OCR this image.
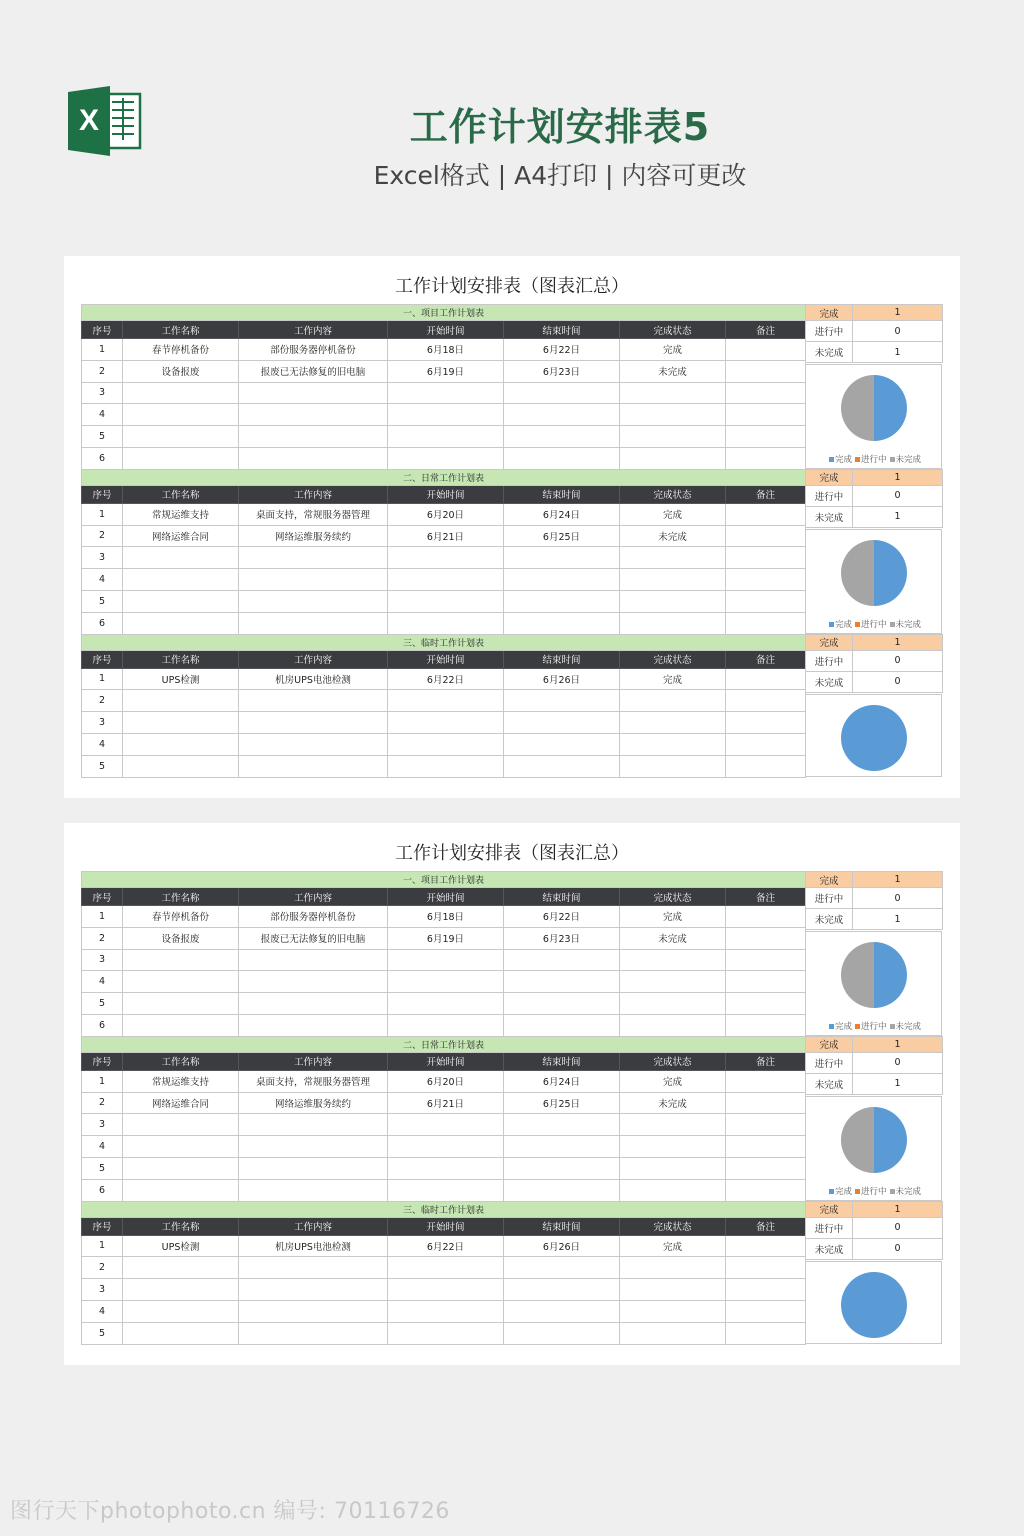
X	工作计划安排表5
Excel格式 | A4打印 | 内容可更改
工作计划安排表（图表汇总）
一、项目工作计划表						
序号	工作名称	工作内容	开始时间	结束时间	完成状态	备注
1	春节停机备份	部份服务器停机备份	6月18日	6月22日	完成	
2	设备报废	报废已无法修复的旧电脑	6月19日	6月23日	未完成	
3						
4						
5						
6						
二、日常工作计划表						
序号	工作名称	工作内容	开始时间	结束时间	完成状态	备注
1	常规运维支持	桌面支持，常规服务器管理	6月20日	6月24日	完成	
2	网络运维合同	网络运维服务续约	6月21日	6月25日	未完成	
3						
4						
5						
6						
三、临时工作计划表						
序号	工作名称	工作内容	开始时间	结束时间	完成状态	备注
1	UPS检测	机房UPS电池检测	6月22日	6月26日	完成	
2						
3						
4						
5						
完成	1
进行中	0
未完成	1
完成 进行中 未完成
完成	1
进行中	0
未完成	1
完成 进行中 未完成
完成	1
进行中	0
未完成	0
工作计划安排表（图表汇总）
一、项目工作计划表						
序号	工作名称	工作内容	开始时间	结束时间	完成状态	备注
1	春节停机备份	部份服务器停机备份	6月18日	6月22日	完成	
2	设备报废	报废已无法修复的旧电脑	6月19日	6月23日	未完成	
3						
4						
5						
6						
二、日常工作计划表						
序号	工作名称	工作内容	开始时间	结束时间	完成状态	备注
1	常规运维支持	桌面支持，常规服务器管理	6月20日	6月24日	完成	
2	网络运维合同	网络运维服务续约	6月21日	6月25日	未完成	
3						
4						
5						
6						
三、临时工作计划表						
序号	工作名称	工作内容	开始时间	结束时间	完成状态	备注
1	UPS检测	机房UPS电池检测	6月22日	6月26日	完成	
2						
3						
4						
5						
完成	1
进行中	0
未完成	1
完成 进行中 未完成
完成	1
进行中	0
未完成	1
完成 进行中 未完成
完成	1
进行中	0
未完成	0
图行天下photophoto.cn 编号: 70116726
